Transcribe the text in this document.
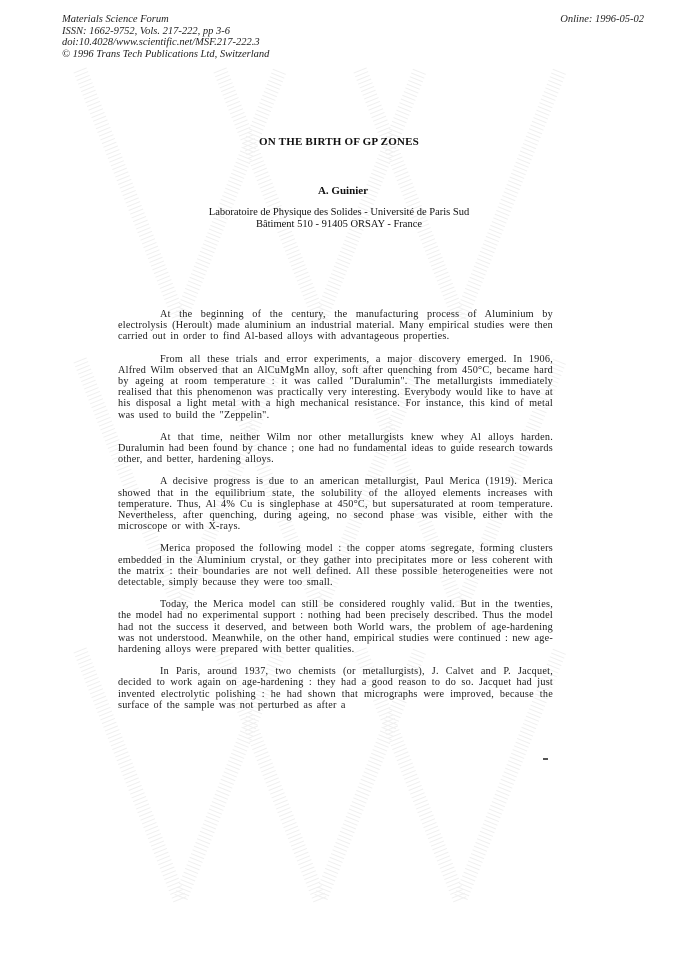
Materials Science Forum
ISSN: 1662-9752, Vols. 217-222, pp 3-6
doi:10.4028/www.scientific.net/MSF.217-222.3
© 1996 Trans Tech Publications Ltd, Switzerland
Online: 1996-05-02
ON THE BIRTH OF GP ZONES
A. Guinier
Laboratoire de Physique des Solides - Université de Paris Sud
Bâtiment 510 - 91405 ORSAY - France

At the beginning of the century, the manufacturing process of Aluminium by electrolysis (Heroult) made aluminium an industrial material. Many empirical studies were then carried out in order to find Al-based alloys with advantageous properties.

From all these trials and error experiments, a major discovery emerged. In 1906, Alfred Wilm observed that an AlCuMgMn alloy, soft after quenching from 450°C, became hard by ageing at room temperature : it was called "Duralumin". The metallurgists immediately realised that this phenomenon was practically very interesting. Everybody would like to have at his disposal a light metal with a high mechanical resistance. For instance, this kind of metal was used to build the "Zeppelin".

At that time, neither Wilm nor other metallurgists knew whey Al alloys harden. Duralumin had been found by chance ; one had no fundamental ideas to guide research towards other, and better, hardening alloys.

A decisive progress is due to an american metallurgist, Paul Merica (1919). Merica showed that in the equilibrium state, the solubility of the alloyed elements increases with temperature. Thus, Al 4% Cu is singlephase at 450°C, but supersaturated at room temperature. Nevertheless, after quenching, during ageing, no second phase was visible, either with the microscope or with X-rays.

Merica proposed the following model : the copper atoms segregate, forming clusters embedded in the Aluminium crystal, or they gather into precipitates more or less coherent with the matrix : their boundaries are not well defined. All these possible heterogeneities were not detectable, simply because they were too small.

Today, the Merica model can still be considered roughly valid. But in the twenties, the model had no experimental support : nothing had been precisely described. Thus the model had not the success it deserved, and between both World wars, the problem of age-hardening was not understood. Meanwhile, on the other hand, empirical studies were continued : new age-hardening alloys were prepared with better qualities.

In Paris, around 1937, two chemists (or metallurgists), J. Calvet and P. Jacquet, decided to work again on age-hardening : they had a good reason to do so. Jacquet had just invented electrolytic polishing : he had shown that micrographs were improved, because the surface of the sample was not perturbed as after a
